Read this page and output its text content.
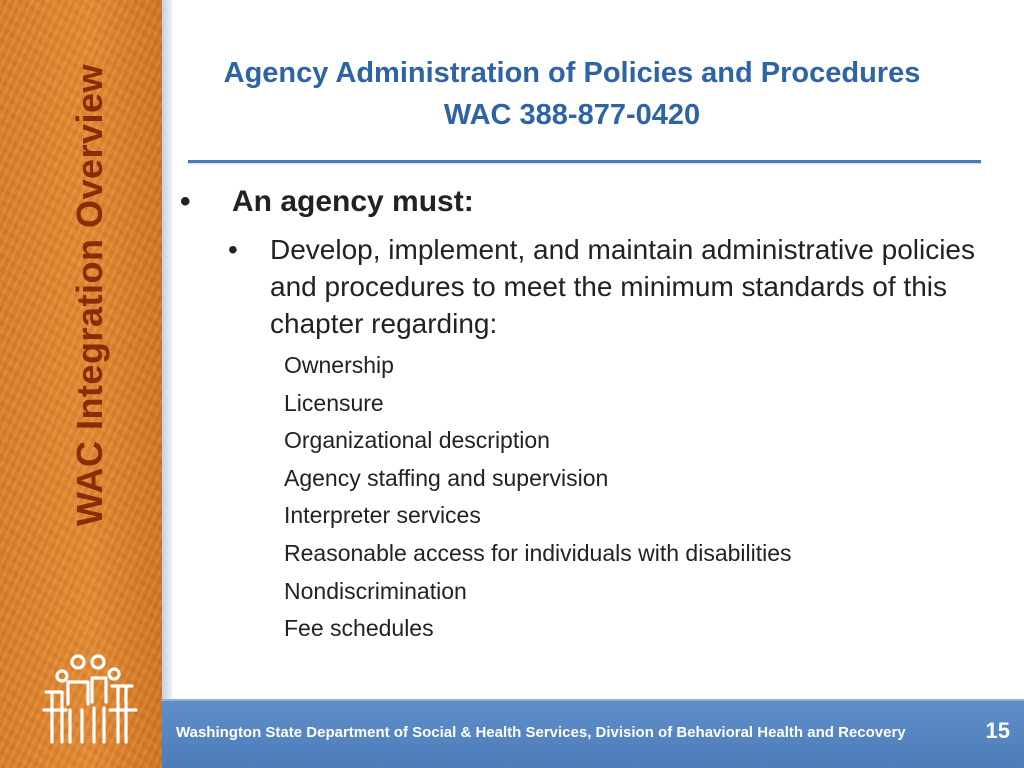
WAC Integration Overview	Agency Administration of Policies and Procedures
WAC 388-877-0420
• An agency must:
• Develop, implement, and maintain administrative policies and procedures to meet the minimum standards of this chapter regarding:
Ownership
Licensure
Organizational description
Agency staffing and supervision
Interpreter services
Reasonable access for individuals with disabilities
Nondiscrimination
Fee schedules
Washington State Department of Social & Health Services, Division of Behavioral Health and Recovery	15
